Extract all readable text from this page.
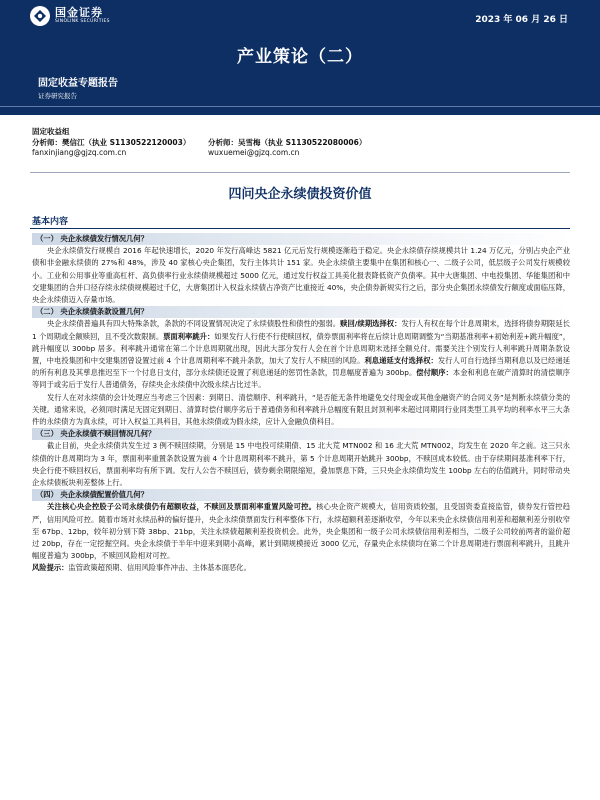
国金证券
SINOLINK SECURITIES	2023 年 06 月 26 日
产业策论（二）
固定收益专题报告
证券研究报告
固定收益组
分析师：樊信江（执业 S1130522120003）	分析师：吴雪梅（执业 S1130522080006）
fanxinjiang@gjzq.com.cn	wuxuemei@gjzq.com.cn
四问央企永续债投资价值
基本内容
（一） 央企永续债发行情况几何？

央企永续债发行规模自 2016 年起快速增长，2020 年发行高峰达 5821 亿元后发行规模逐渐趋于稳定。央企永续债存续规模共计 1.24 万亿元，分别占央企产业债和非金融永续债的 27%和 48%，涉及 40 家核心央企集团，发行主体共计 151 家。央企永续债主要集中在集团和核心一、二级子公司，低层级子公司发行规模较小。工业和公用事业等重高杠杆、高负债率行业永续债规模超过 5000 亿元，通过发行权益工具美化报表降低资产负债率。其中大唐集团、中电投集团、华能集团和中交建集团的合并口径存续永续债规模超过千亿，大唐集团计入权益永续债占净资产比重接近 40%，央企债券新规实行之后，部分央企集团永续债发行额度或面临压降，央企永续债迈入存量市场。

（二） 央企永续债条款设置几何？

央企永续债普遍具有四大特殊条款，条款的不同设置情况决定了永续债股性和债性的强弱。赎回/续期选择权：发行人有权在每个计息周期末，选择将债券期限延长 1 个周期或全额赎回，且不受次数限制。票面利率跳升：如果发行人行使不行使赎回权，债券票面利率将在后续计息周期调整为“当期基准利率+初始利差+跳升幅度”，跳升幅度以 300bp 居多。利率跳升通常在第二个计息周期就出现，因此大部分发行人会在首个计息周期末选择全额兑付。需要关注个别发行人利率跳升周期条款设置，中电投集团和中交建集团曾设置过前 4 个计息周期利率不跳升条款，加大了发行人不赎回的风险。利息递延支付选择权：发行人可自行选择当期利息以及已经递延的所有利息及其孳息推迟至下一个付息日支付，部分永续债还设置了利息递延的惩罚性条款，罚息幅度普遍为 300bp。偿付顺序：本金和利息在破产清算时的清偿顺序等同于或劣后于发行人普通债务，存续央企永续债中次级永续占比过半。

发行人在对永续债的会计处理应当考虑三个因素：到期日、清偿顺序、利率跳升，“是否能无条件地避免交付现金或其他金融资产的合同义务”是判断永续债分类的关键。通常来说，必须同时满足无固定到期日、清算时偿付顺序劣后于普通债务和利率跳升总幅度有限且封顶利率未超过同期同行业同类型工具平均的利率水平三大条件的永续债方为真永续，可计入权益工具科目，其他永续债或为假永续，应计入金融负债科目。

（三） 央企永续债不赎回情况几何？

截止目前，央企永续债共发生过 3 例不赎回续期，分别是 15 中电投可续期债、15 北大荒 MTN002 和 16 北大荒 MTN002，均发生在 2020 年之前。这三只永续债的计息周期均为 3 年，票面利率重置条款设置为前 4 个计息周期利率不跳升，第 5 个计息周期开始跳升 300bp，不赎回成本较低。由于存续期间基准利率下行，央企行使不赎回权后，票面利率均有所下调。发行人公告不赎回后，债券剩余期限缩短，叠加票息下降，三只央企永续债均发生 100bp 左右的估值跳升，同时带动央企永续债板块利差整体上行。

（四） 央企永续债配置价值几何？

关注核心央企控股子公司永续债仍有超额收益，不赎回及票面利率重置风险可控。核心央企资产规模大，信用资质较强，且受国资委直接监管，债券发行管控趋严，信用风险可控。随着市场对永续品种的偏好提升，央企永续债票面发行利率整体下行，永续超额利差逐渐收窄，今年以来央企永续债信用利差和超额利差分别收窄至 67bp、12bp，较年初分别下降 38bp、21bp，关注永续债超额利差投资机会。此外，央企集团和一级子公司永续债信用利差相当，二级子公司较前两者的溢价超过 20bp，存在一定挖掘空间。央企永续债于半年中迎来到期小高峰，累计到期规模接近 3000 亿元，存量央企永续债均在第二个计息周期进行票面利率跳升，且跳升幅度普遍为 300bp，不赎回风险相对可控。

风险提示：监管政策超预期、信用风险事件冲击、主体基本面恶化。
